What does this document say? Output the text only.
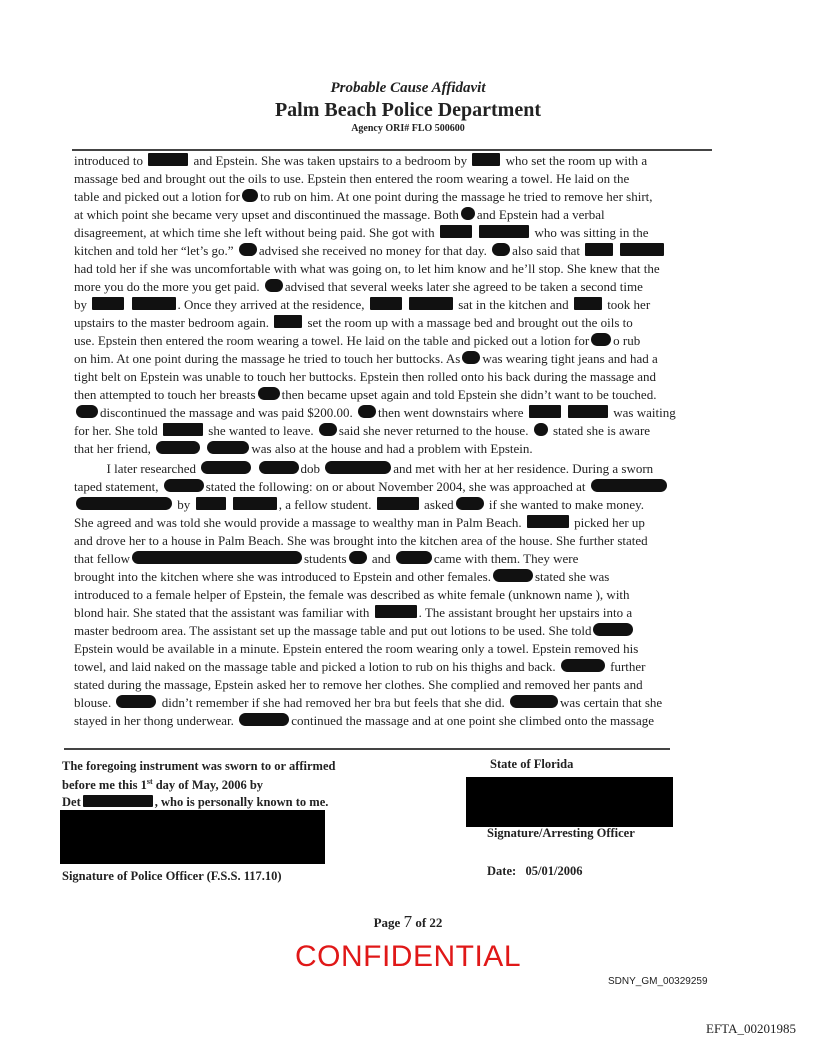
Probable Cause Affidavit
Palm Beach Police Department
Agency ORI# FLO 500600
introduced to	and Epstein. She was taken upstairs to a bedroom by  who set the room up with a
massage bed and brought out the oils to use. Epstein then entered the room wearing a towel. He laid on the
table and picked out a lotion for to rub on him. At one point during the massage he tried to remove her shirt,
at which point she became very upset and discontinued the massage. Both and Epstein had a verbal
disagreement, at which time she left without being paid. She got with	who was sitting in the
kitchen and told her “let’s go.” advised she received no money for that day. also said that
had told her if she was uncomfortable with what was going on, to let him know and he’ll stop. She knew that the
more you do the more you get paid. advised that several weeks later she agreed to be taken a second time
by	. Once they arrived at the residence,	sat in the kitchen and  took her
upstairs to the master bedroom again.  set the room up with a massage bed and brought out the oils to
use. Epstein then entered the room wearing a towel. He laid on the table and picked out a lotion for o rub
on him. At one point during the massage he tried to touch her buttocks. As was wearing tight jeans and had a
tight belt on Epstein was unable to touch her buttocks. Epstein then rolled onto his back during the massage and
then attempted to touch her breasts then became upset again and told Epstein she didn’t want to be touched.
discontinued the massage and was paid $200.00. then went downstairs where	was waiting
for her. She told	she wanted to leave. said she never returned to the house.  stated she is aware
that her friend,	was also at the house and had a problem with Epstein.
I later researched	dob	and met with her at her residence. During a sworn
taped statement,	stated the following: on or about November 2004, she was approached at
by	, a fellow student.	asked if she wanted to make money.
She agreed and was told she would provide a massage to wealthy man in Palm Beach.	picked her up
and drove her to a house in Palm Beach. She was brought into the kitchen area of the house. She further stated
that fellow	students and	came with them. They were
brought into the kitchen where she was introduced to Epstein and other females.	stated she was
introduced to a female helper of Epstein, the female was described as white female (unknown name ), with
blond hair. She stated that the assistant was familiar with	. The assistant brought her upstairs into a
master bedroom area. The assistant set up the massage table and put out lotions to be used. She told
Epstein would be available in a minute. Epstein entered the room wearing only a towel. Epstein removed his
towel, and laid naked on the massage table and picked a lotion to rub on his thighs and back.	further
stated during the massage, Epstein asked her to remove her clothes. She complied and removed her pants and
blouse.	didn’t remember if she had removed her bra but feels that she did.	was certain that she
stayed in her thong underwear.	continued the massage and at one point she climbed onto the massage
The foregoing instrument was sworn to or affirmed
before me this 1st day of May, 2006 by
Det	, who is personally known to me.
Signature of Police Officer (F.S.S. 117.10)
State of Florida
Signature/Arresting Officer
Date: 05/01/2006
Page 7 of 22
CONFIDENTIAL
SDNY_GM_00329259
EFTA_00201985
